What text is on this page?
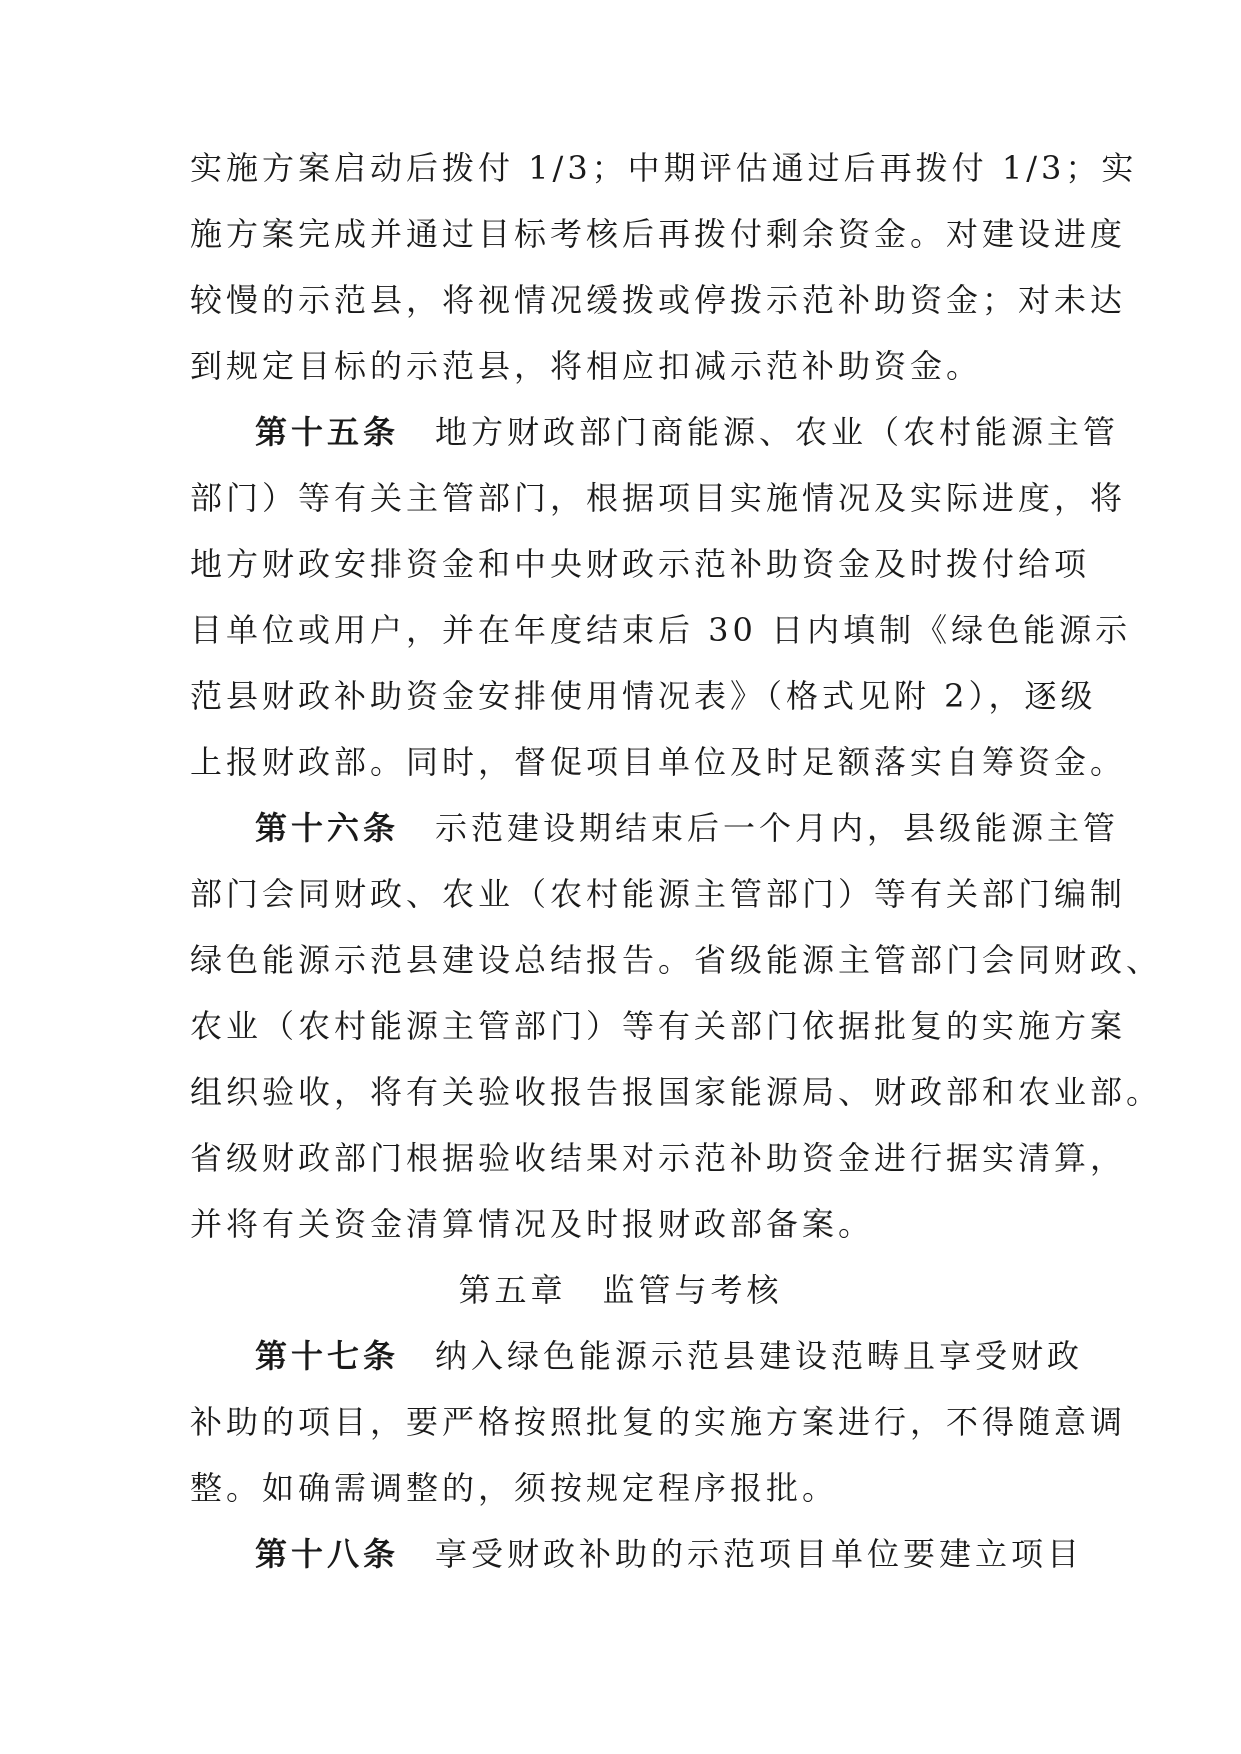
实施方案启动后拨付 1/3；中期评估通过后再拨付 1/3；实
施方案完成并通过目标考核后再拨付剩余资金。对建设进度
较慢的示范县，将视情况缓拨或停拨示范补助资金；对未达
到规定目标的示范县，将相应扣减示范补助资金。
第十五条 地方财政部门商能源、农业（农村能源主管
部门）等有关主管部门，根据项目实施情况及实际进度，将
地方财政安排资金和中央财政示范补助资金及时拨付给项
目单位或用户，并在年度结束后 30 日内填制《绿色能源示
范县财政补助资金安排使用情况表》（格式见附 2），逐级
上报财政部。同时，督促项目单位及时足额落实自筹资金。
第十六条 示范建设期结束后一个月内，县级能源主管
部门会同财政、农业（农村能源主管部门）等有关部门编制
绿色能源示范县建设总结报告。省级能源主管部门会同财政、
农业（农村能源主管部门）等有关部门依据批复的实施方案
组织验收，将有关验收报告报国家能源局、财政部和农业部。
省级财政部门根据验收结果对示范补助资金进行据实清算，
并将有关资金清算情况及时报财政部备案。
第五章　监管与考核
第十七条 纳入绿色能源示范县建设范畴且享受财政
补助的项目，要严格按照批复的实施方案进行，不得随意调
整。如确需调整的，须按规定程序报批。
第十八条 享受财政补助的示范项目单位要建立项目
